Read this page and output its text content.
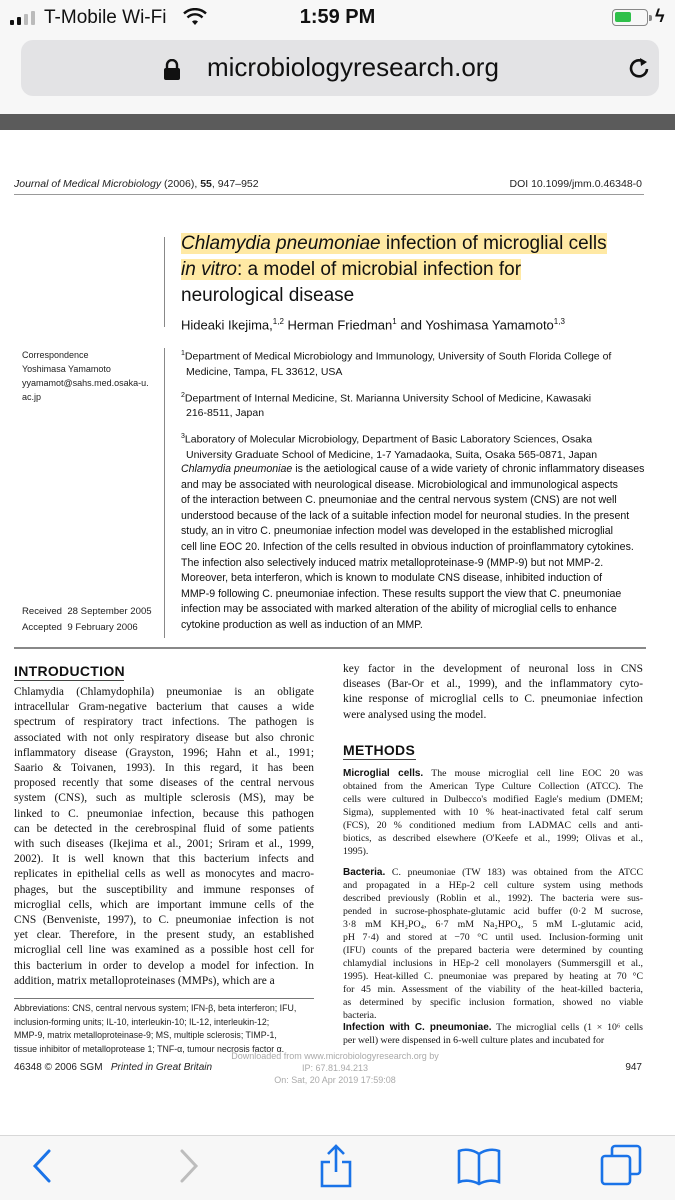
T-Mobile Wi-Fi	1:59 PM	ϟ
microbiologyresearch.org
Journal of Medical Microbiology (2006), 55, 947–952	DOI 10.1099/jmm.0.46348-0
Chlamydia pneumoniae infection of microglial cells
in vitro: a model of microbial infection for
neurological disease
Hideaki Ikejima,$^{1,2}$ Herman Friedman$^1$ and Yoshimasa Yamamoto$^{1,3}$
$^1$Department of Medical Microbiology and Immunology, University of South Florida College of
Medicine, Tampa, FL 33612, USA
$^2$Department of Internal Medicine, St. Marianna University School of Medicine, Kawasaki
216-8511, Japan
$^3$Laboratory of Molecular Microbiology, Department of Basic Laboratory Sciences, Osaka
University Graduate School of Medicine, 1-7 Yamadaoka, Suita, Osaka 565-0871, Japan
Correspondence
Yoshimasa Yamamoto
yyamamot@sahs.med.osaka-u.
ac.jp
Received 28 September 2005
Accepted 9 February 2006
Chlamydia pneumoniae is the aetiological cause of a wide variety of chronic inflammatory diseases
and may be associated with neurological disease. Microbiological and immunological aspects
of the interaction between C. pneumoniae and the central nervous system (CNS) are not well
understood because of the lack of a suitable infection model for neuronal studies. In the present
study, an in vitro C. pneumoniae infection model was developed in the established microglial
cell line EOC 20. Infection of the cells resulted in obvious induction of proinflammatory cytokines.
The infection also selectively induced matrix metalloproteinase-9 (MMP-9) but not MMP-2.
Moreover, beta interferon, which is known to modulate CNS disease, inhibited induction of
MMP-9 following C. pneumoniae infection. These results support the view that C. pneumoniae
infection may be associated with marked alteration of the ability of microglial cells to enhance
cytokine production as well as induction of an MMP.
INTRODUCTION
Chlamydia (Chlamydophila) pneumoniae is an obligate
intracellular Gram-negative bacterium that causes a wide
spectrum of respiratory tract infections. The pathogen is
associated with not only respiratory disease but also chronic
inflammatory disease (Grayston, 1996; Hahn et al., 1991;
Saario & Toivanen, 1993). In this regard, it has been
proposed recently that some diseases of the central nervous
system (CNS), such as multiple sclerosis (MS), may be
linked to C. pneumoniae infection, because this pathogen
can be detected in the cerebrospinal fluid of some patients
with such diseases (Ikejima et al., 2001; Sriram et al., 1999,
2002). It is well known that this bacterium infects and
replicates in epithelial cells as well as monocytes and macro-
phages, but the susceptibility and immune responses of
microglial cells, which are important immune cells of the
CNS (Benveniste, 1997), to C. pneumoniae infection is not
yet clear. Therefore, in the present study, an established
microglial cell line was examined as a possible host cell for
this bacterium in order to develop a model for infection. In
addition, matrix metalloproteinases (MMPs), which are a
Abbreviations: CNS, central nervous system; IFN-β, beta interferon; IFU,
inclusion-forming units; IL-10, interleukin-10; IL-12, interleukin-12;
MMP-9, matrix metalloproteinase-9; MS, multiple sclerosis; TIMP-1,
tissue inhibitor of metalloprotease 1; TNF-α, tumour necrosis factor α.
key factor in the development of neuronal loss in CNS
diseases (Bar-Or et al., 1999), and the inflammatory cyto-
kine response of microglial cells to C. pneumoniae infection
were analysed using the model.
METHODS
Microglial cells. The mouse microglial cell line EOC 20 was
obtained from the American Type Culture Collection (ATCC). The
cells were cultured in Dulbecco's modified Eagle's medium (DMEM;
Sigma), supplemented with 10 % heat-inactivated fetal calf serum
(FCS), 20 % conditioned medium from LADMAC cells and anti-
biotics, as described elsewhere (O'Keefe et al., 1999; Olivas et al.,
1995).
Bacteria. C. pneumoniae (TW 183) was obtained from the ATCC
and propagated in a HEp-2 cell culture system using methods
described previously (Roblin et al., 1992). The bacteria were sus-
pended in sucrose-phosphate-glutamic acid buffer (0·2 M sucrose,
3·8 mM KH₂PO₄, 6·7 mM Na₂HPO₄, 5 mM L-glutamic acid,
pH 7·4) and stored at −70 °C until used. Inclusion-forming unit
(IFU) counts of the prepared bacteria were determined by counting
chlamydial inclusions in HEp-2 cell monolayers (Summersgill et al.,
1995). Heat-killed C. pneumoniae was prepared by heating at 70 °C
for 45 min. Assessment of the viability of the heat-killed bacteria,
as determined by specific inclusion formation, showed no viable
bacteria.
Infection with C. pneumoniae. The microglial cells (1 × 10⁶ cells
per well) were dispensed in 6-well culture plates and incubated for
46348 © 2006 SGM Printed in Great Britain	947
Downloaded from www.microbiologyresearch.org by
IP: 67.81.94.213
On: Sat, 20 Apr 2019 17:59:08
